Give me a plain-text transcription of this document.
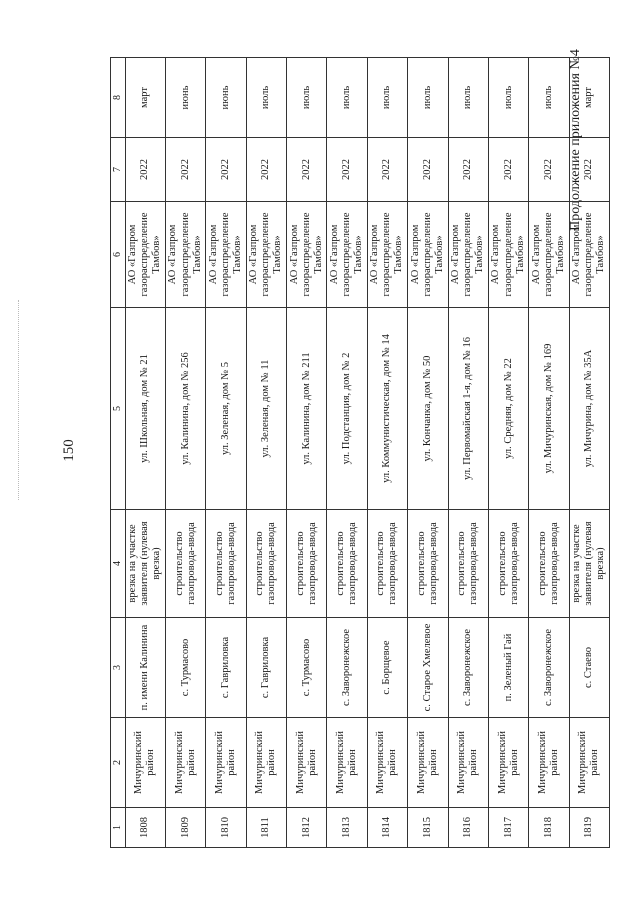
150
Продолжение приложения №4
1	2	3	4	5	6	7	8
1808	Мичуринский район	п. имени Калинина	врезка на участке заявителя (нулевая врезка)	ул. Школьная, дом № 21	АО «Газпром газораспределение Тамбов»	2022	март
1809	Мичуринский район	с. Турмасово	строительство газопровода-ввода	ул. Калинина, дом № 256	АО «Газпром газораспределение Тамбов»	2022	июнь
1810	Мичуринский район	с. Гавриловка	строительство газопровода-ввода	ул. Зеленая, дом № 5	АО «Газпром газораспределение Тамбов»	2022	июнь
1811	Мичуринский район	с. Гавриловка	строительство газопровода-ввода	ул. Зеленая, дом № 11	АО «Газпром газораспределение Тамбов»	2022	июль
1812	Мичуринский район	с. Турмасово	строительство газопровода-ввода	ул. Калинина, дом № 211	АО «Газпром газораспределение Тамбов»	2022	июль
1813	Мичуринский район	с. Заворонежское	строительство газопровода-ввода	ул. Подстанция, дом № 2	АО «Газпром газораспределение Тамбов»	2022	июль
1814	Мичуринский район	с. Борщевое	строительство газопровода-ввода	ул. Коммунистическая, дом № 14	АО «Газпром газораспределение Тамбов»	2022	июль
1815	Мичуринский район	с. Старое Хмелевое	строительство газопровода-ввода	ул. Кончанка, дом № 50	АО «Газпром газораспределение Тамбов»	2022	июль
1816	Мичуринский район	с. Заворонежское	строительство газопровода-ввода	ул. Первомайская 1-я, дом № 16	АО «Газпром газораспределение Тамбов»	2022	июль
1817	Мичуринский район	п. Зеленый Гай	строительство газопровода-ввода	ул. Средняя, дом № 22	АО «Газпром газораспределение Тамбов»	2022	июль
1818	Мичуринский район	с. Заворонежское	строительство газопровода-ввода	ул. Мичуринская, дом № 169	АО «Газпром газораспределение Тамбов»	2022	июль
1819	Мичуринский район	с. Стаево	врезка на участке заявителя (нулевая врезка)	ул. Мичурина, дом № 35А	АО «Газпром газораспределение Тамбов»	2022	март
